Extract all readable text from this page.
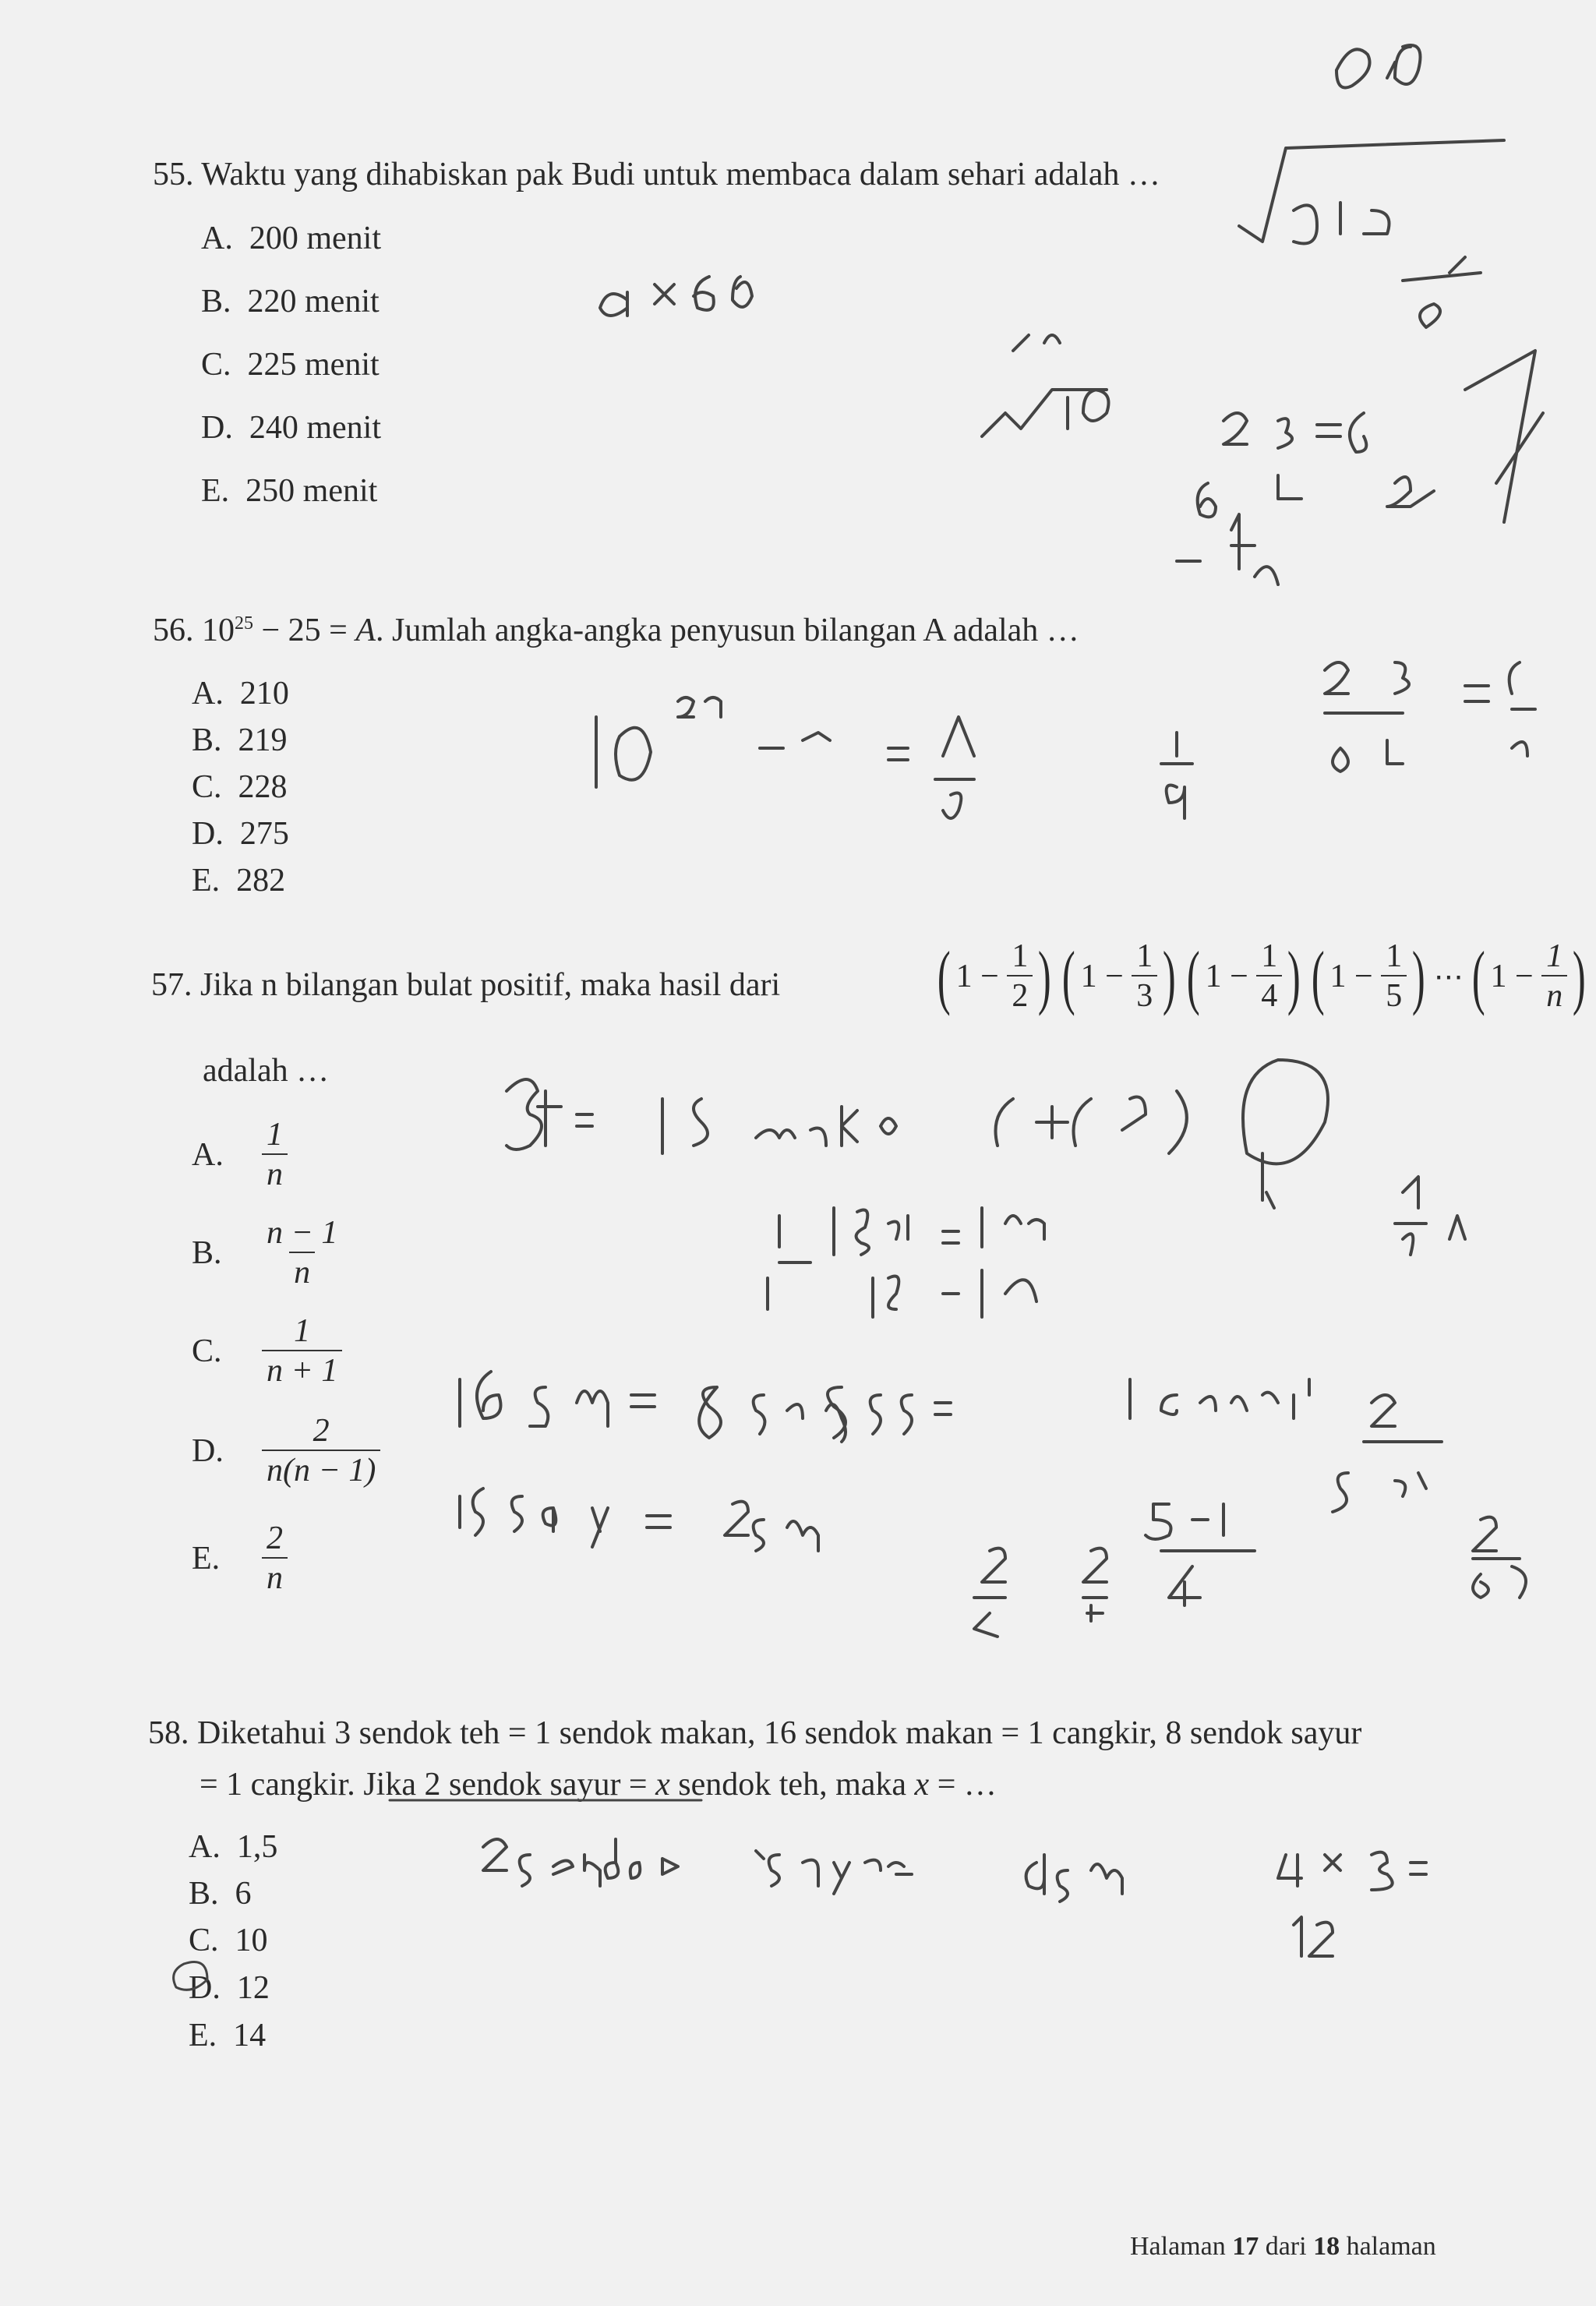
55. Waktu yang dihabiskan pak Budi untuk membaca dalam sehari adalah …
A. 200 menit
B. 220 menit
C. 225 menit
D. 240 menit
E. 250 menit
56. $10^{25} - 25 = A$. Jumlah angka-angka penyusun bilangan A adalah …
A. 210
B. 219
C. 228
D. 275
E. 282
57. Jika n bilangan bulat positif, maka hasil dari ( 1
−
$\frac{1}{2}$ ) ( 1
−
$\frac{1}{3}$ ) ( 1
−
$\frac{1}{4}$ ) ( 1
−
$\frac{1}{5}$ ) ⋯ ( 1
−
$\frac{1}{n}$ )
adalah …
A.	$\frac{1}{n}$
B.	$\frac{n - 1}{n}$
C.	$\frac{1}{n + 1}$
D.	$\frac{2}{n(n - 1)}$
E.	$\frac{2}{n}$
58. Diketahui 3 sendok teh = 1 sendok makan, 16 sendok makan = 1 cangkir, 8 sendok sayur
= 1 cangkir. Jika 2 sendok sayur = x sendok teh, maka x = …
A. 1,5
B. 6
C. 10
D. 12
E. 14
Halaman 17 dari 18 halaman
